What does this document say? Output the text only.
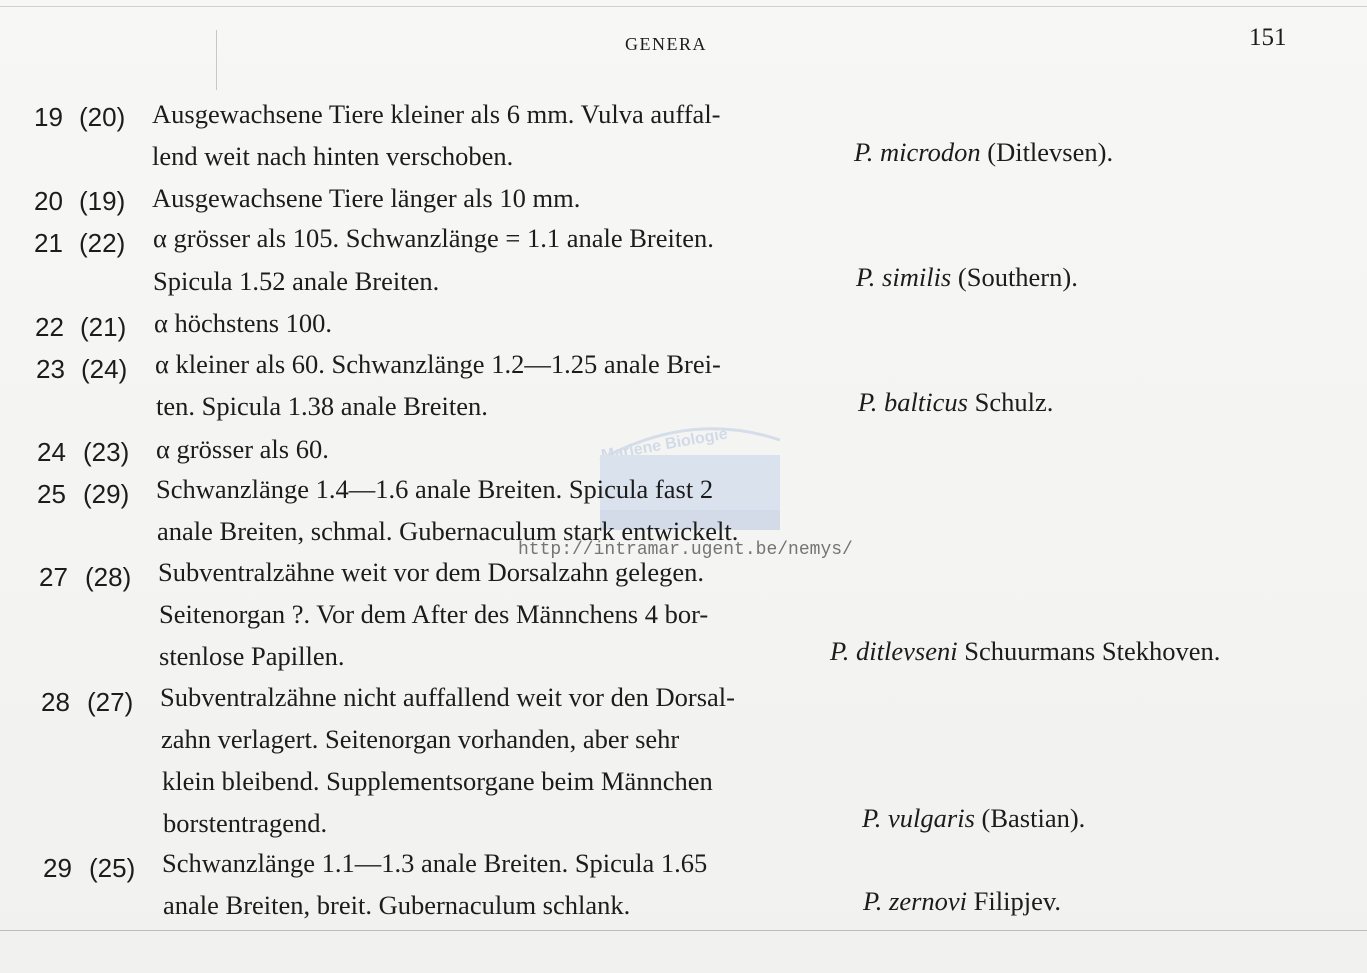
GENERA	151
Mariene Biologie
http://intramar.ugent.be/nemys/
19 (20) Ausgewachsene Tiere kleiner als 6 mm. Vulva auffal-
lend weit nach hinten verschoben.	P. microdon (Ditlevsen).
20 (19) Ausgewachsene Tiere länger als 10 mm.
21 (22) α grösser als 105. Schwanzlänge = 1.1 anale Breiten.
Spicula 1.52 anale Breiten.	P. similis (Southern).
22 (21) α höchstens 100.
23 (24) α kleiner als 60. Schwanzlänge 1.2—1.25 anale Brei-
ten. Spicula 1.38 anale Breiten.	P. balticus Schulz.
24 (23) α grösser als 60.
25 (29) Schwanzlänge 1.4—1.6 anale Breiten. Spicula fast 2
anale Breiten, schmal. Gubernaculum stark entwickelt.
27 (28) Subventralzähne weit vor dem Dorsalzahn gelegen.
Seitenorgan ?. Vor dem After des Männchens 4 bor-
stenlose Papillen.	P. ditlevseni Schuurmans Stekhoven.
28 (27) Subventralzähne nicht auffallend weit vor den Dorsal-
zahn verlagert. Seitenorgan vorhanden, aber sehr
klein bleibend. Supplementsorgane beim Männchen
borstentragend.	P. vulgaris (Bastian).
29 (25) Schwanzlänge 1.1—1.3 anale Breiten. Spicula 1.65
anale Breiten, breit. Gubernaculum schlank.	P. zernovi Filipjev.
